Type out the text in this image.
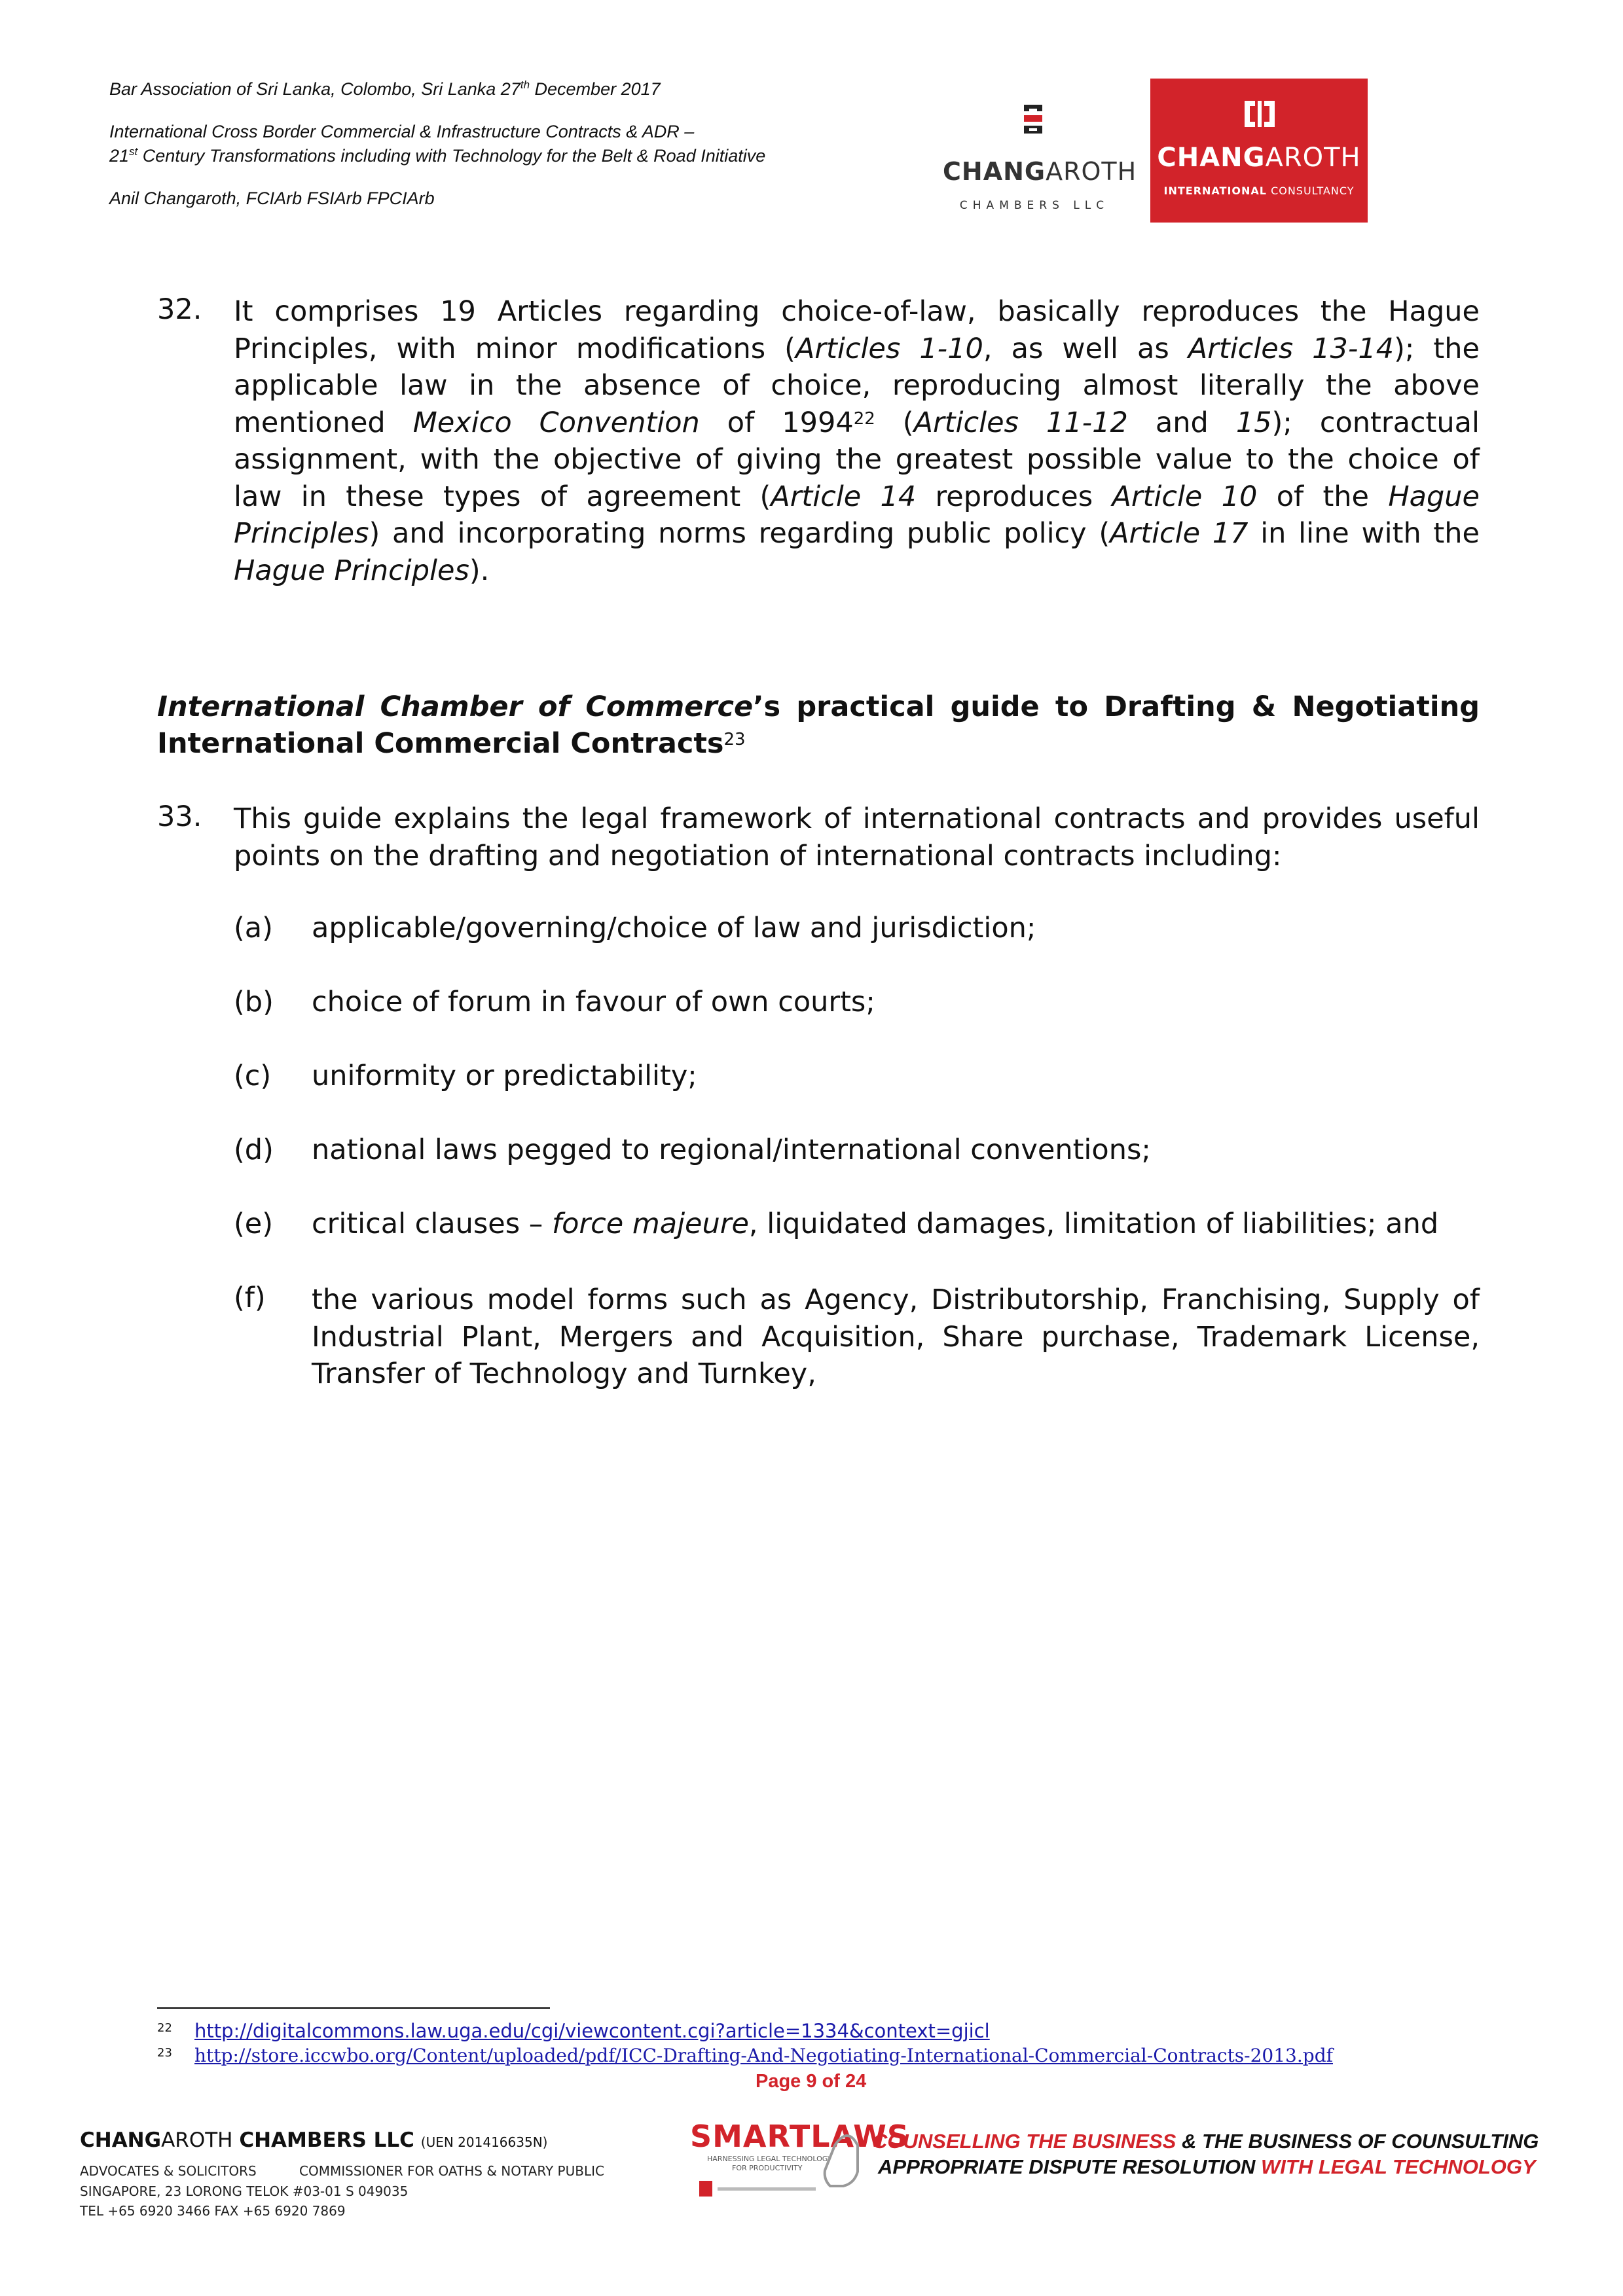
Bar Association of Sri Lanka, Colombo, Sri Lanka 27th December 2017
International Cross Border Commercial & Infrastructure Contracts & ADR –
21st Century Transformations including with Technology for the Belt & Road Initiative
Anil Changaroth, FCIArb FSIArb FPCIArb
CHANGAROTH
CHAMBERS LLC
CHANGAROTH
INTERNATIONAL CONSULTANCY
32. It comprises 19 Articles regarding choice-of-law, basically reproduces the Hague
Principles, with minor modifications (Articles 1-10, as well as Articles 13-14); the
applicable law in the absence of choice, reproducing almost literally the above
mentioned Mexico Convention of 1994$^{22}$ (Articles 11-12 and 15); contractual
assignment, with the objective of giving the greatest possible value to the choice of
law in these types of agreement (Article 14 reproduces Article 10 of the Hague
Principles) and incorporating norms regarding public policy (Article 17 in line with the
Hague Principles).
International Chamber of Commerce’s practical guide to Drafting & Negotiating
International Commercial Contracts$^{23}$
33. This guide explains the legal framework of international contracts and provides useful
points on the drafting and negotiation of international contracts including:
(a) applicable/governing/choice of law and jurisdiction;
(b) choice of forum in favour of own courts;
(c) uniformity or predictability;
(d) national laws pegged to regional/international conventions;
(e) critical clauses – force majeure, liquidated damages, limitation of liabilities; and
(f) the various model forms such as Agency, Distributorship, Franchising, Supply of
Industrial Plant, Mergers and Acquisition, Share purchase, Trademark License,
Transfer of Technology and Turnkey,
22 http://digitalcommons.law.uga.edu/cgi/viewcontent.cgi?article=1334&context=gjicl
23 http://store.iccwbo.org/Content/uploaded/pdf/ICC-Drafting-And-Negotiating-International-Commercial-Contracts-2013.pdf
Page 9 of 24
CHANGAROTH CHAMBERS LLC (UEN 201416635N)
ADVOCATES & SOLICITORS	COMMISSIONER FOR OATHS & NOTARY PUBLIC
SINGAPORE, 23 LORONG TELOK #03-01 S 049035
TEL +65 6920 3466 FAX +65 6920 7869
SMARTLAWS
HARNESSING LEGAL TECHNOLOGY
FOR PRODUCTIVITY
COUNSELLING THE BUSINESS & THE BUSINESS OF COUNSULTING
APPROPRIATE DISPUTE RESOLUTION WITH LEGAL TECHNOLOGY
